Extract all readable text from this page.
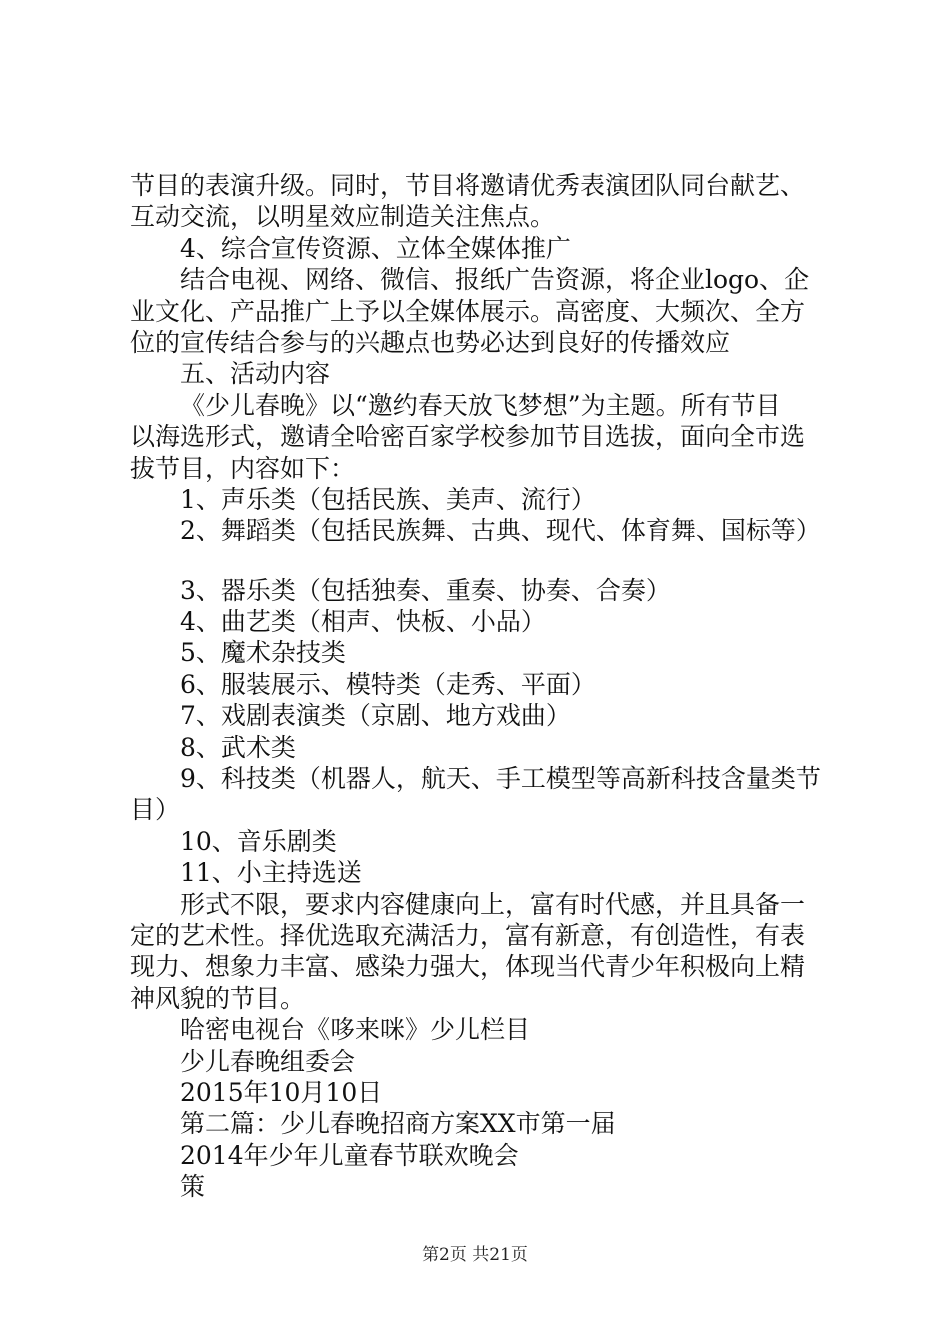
节目的表演升级。同时，节目将邀请优秀表演团队同台献艺、
互动交流，以明星效应制造关注焦点。
4、综合宣传资源、立体全媒体推广
结合电视、网络、微信、报纸广告资源，将企业logo、企
业文化、产品推广上予以全媒体展示。高密度、大频次、全方
位的宣传结合参与的兴趣点也势必达到良好的传播效应
五、活动内容
《少儿春晚》以“邀约春天放飞梦想”为主题。所有节目
以海选形式，邀请全哈密百家学校参加节目选拔，面向全市选
拔节目，内容如下：
1、声乐类（包括民族、美声、流行）
2、舞蹈类（包括民族舞、古典、现代、体育舞、国标等）
3、器乐类（包括独奏、重奏、协奏、合奏）
4、曲艺类（相声、快板、小品）
5、魔术杂技类
6、服装展示、模特类（走秀、平面）
7、戏剧表演类（京剧、地方戏曲）
8、武术类
9、科技类（机器人，航天、手工模型等高新科技含量类节
目）
10、音乐剧类
11、小主持选送
形式不限，要求内容健康向上，富有时代感，并且具备一
定的艺术性。择优选取充满活力，富有新意，有创造性，有表
现力、想象力丰富、感染力强大，体现当代青少年积极向上精
神风貌的节目。
哈密电视台《哆来咪》少儿栏目
少儿春晚组委会
2015年10月10日
第二篇：少儿春晚招商方案XX市第一届
2014年少年儿童春节联欢晚会
策
第2页 共21页
